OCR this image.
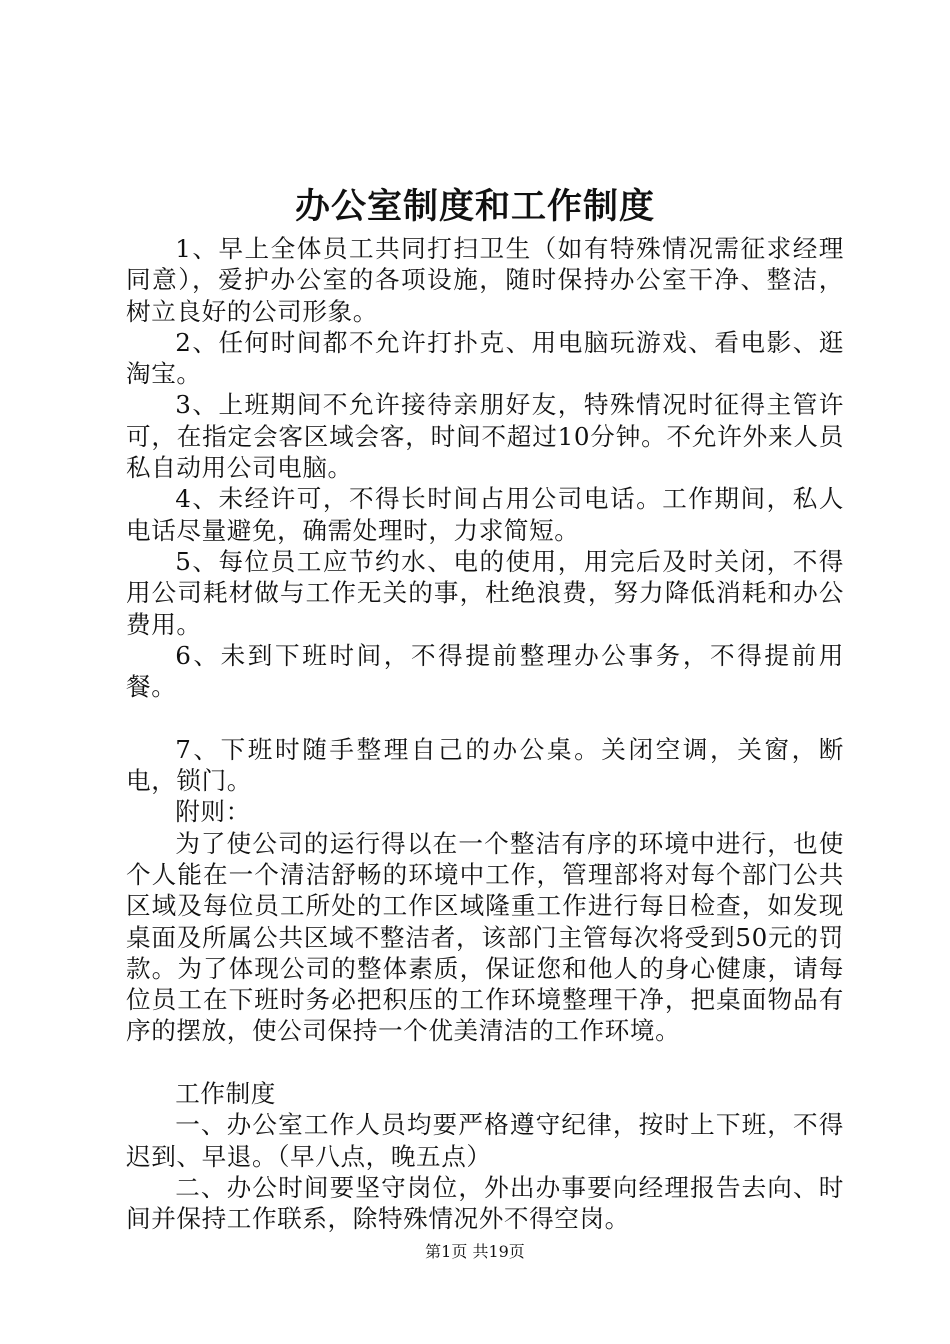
办公室制度和工作制度

1、早上全体员工共同打扫卫生（如有特殊情况需征求经理同意），爱护办公室的各项设施，随时保持办公室干净、整洁，树立良好的公司形象。

2、任何时间都不允许打扑克、用电脑玩游戏、看电影、逛淘宝。

3、上班期间不允许接待亲朋好友，特殊情况时征得主管许可，在指定会客区域会客，时间不超过10分钟。不允许外来人员私自动用公司电脑。

4、未经许可，不得长时间占用公司电话。工作期间，私人电话尽量避免，确需处理时，力求简短。

5、每位员工应节约水、电的使用，用完后及时关闭，不得用公司耗材做与工作无关的事，杜绝浪费，努力降低消耗和办公费用。

6、未到下班时间，不得提前整理办公事务，不得提前用餐。

7、下班时随手整理自己的办公桌。关闭空调，关窗，断电，锁门。

附则：

为了使公司的运行得以在一个整洁有序的环境中进行，也使个人能在一个清洁舒畅的环境中工作，管理部将对每个部门公共区域及每位员工所处的工作区域隆重工作进行每日检查，如发现桌面及所属公共区域不整洁者，该部门主管每次将受到50元的罚款。为了体现公司的整体素质，保证您和他人的身心健康，请每位员工在下班时务必把积压的工作环境整理干净，把桌面物品有序的摆放，使公司保持一个优美清洁的工作环境。

工作制度

一、办公室工作人员均要严格遵守纪律，按时上下班，不得迟到、早退。（早八点，晚五点）

二、办公时间要坚守岗位，外出办事要向经理报告去向、时间并保持工作联系，除特殊情况外不得空岗。

第1页 共19页
